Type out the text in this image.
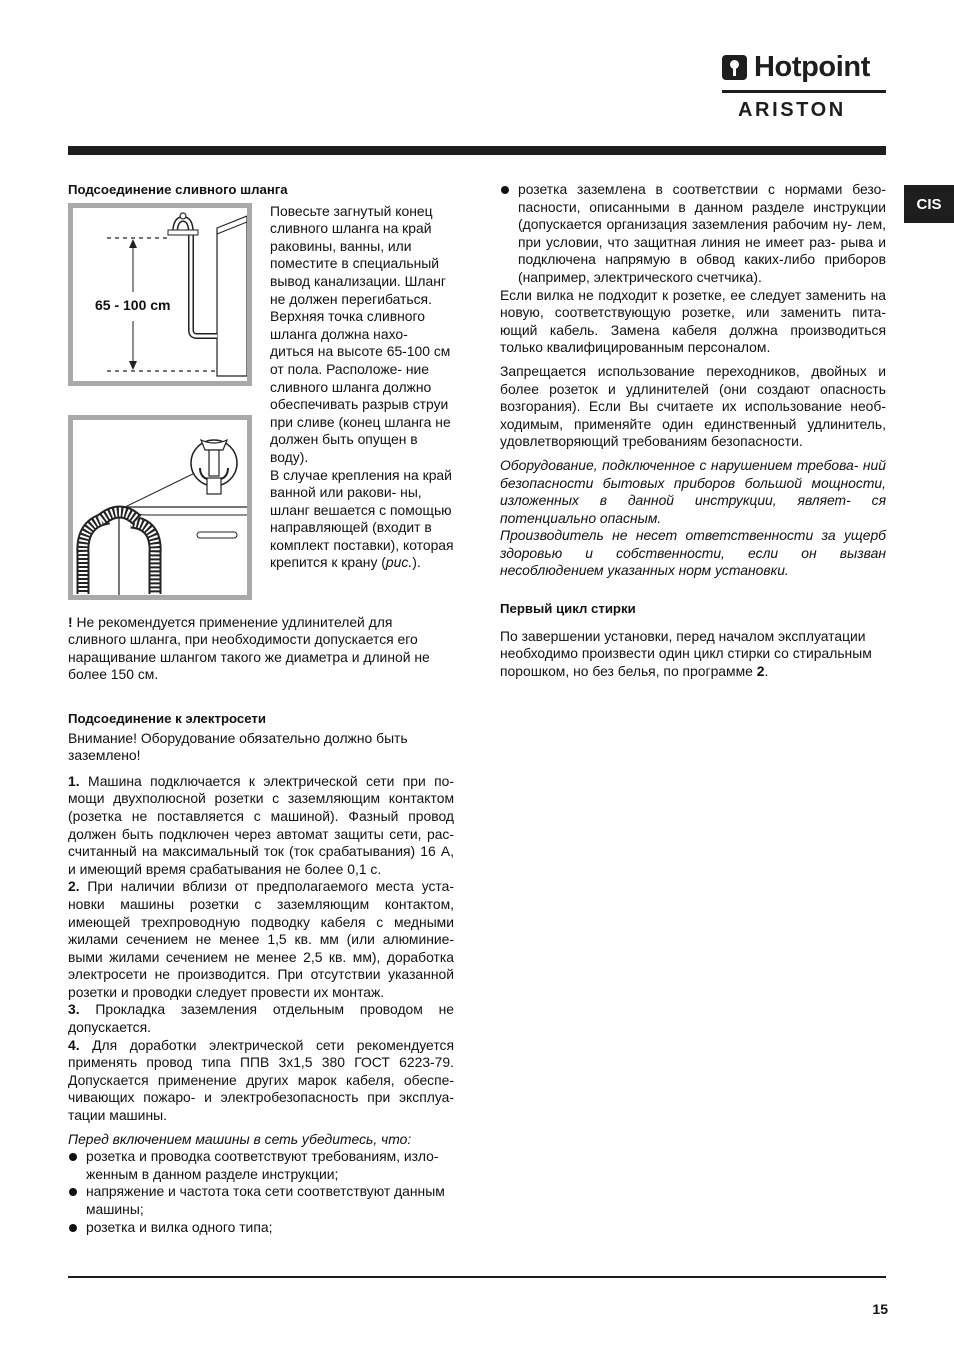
Hotpoint
ARISTON
CIS
Подсоединение сливного шланга
65 - 100 cm

Повесьте загнутый конец сливного шланга на край раковины, ванны, или поместите в специальный вывод канализации. Шланг не должен перегибаться. Верхняя точка сливного шланга должна нахо- диться на высоте 65-100 см от пола. Расположе- ние сливного шланга должно обеспечивать разрыв струи при сливе (конец шланга не должен быть опущен в воду).

В случае крепления на край ванной или ракови- ны, шланг вешается с помощью направляющей (входит в комплект поставки), которая крепится к крану (рис.).

! Не рекомендуется применение удлинителей для сливного шланга, при необходимости допускается его наращивание шлангом такого же диаметра и длиной не более 150 см.

Подсоединение к электросети

Внимание! Оборудование обязательно должно быть заземлено!

1. Машина подключается к электрической сети при по- мощи двухполюсной розетки с заземляющим контактом (розетка не поставляется с машиной). Фазный провод должен быть подключен через автомат защиты сети, рас- считанный на максимальный ток (ток срабатывания) 16 А, и имеющий время срабатывания не более 0,1 с.

2. При наличии вблизи от предполагаемого места уста- новки машины розетки с заземляющим контактом, имеющей трехпроводную подводку кабеля с медными жилами сечением не менее 1,5 кв. мм (или алюминие- выми жилами сечением не менее 2,5 кв. мм), доработка электросети не производится. При отсутствии указанной розетки и проводки следует провести их монтаж.

3. Прокладка заземления отдельным проводом не допускается.

4. Для доработки электрической сети рекомендуется применять провод типа ППВ 3х1,5 380 ГОСТ 6223-79. Допускается применение других марок кабеля, обеспе- чивающих пожаро- и электробезопасность при эксплуа- тации машины.

Перед включением машины в сеть убедитесь, что:

розетка и проводка соответствуют требованиям, изло- женным в данном разделе инструкции;
напряжение и частота тока сети соответствуют данным машины;
розетка и вилка одного типа;
розетка заземлена в соответствии с нормами безо- пасности, описанными в данном разделе инструкции (допускается организация заземления рабочим ну- лем, при условии, что защитная линия не имеет раз- рыва и подключена напрямую в обвод каких-либо приборов (например, электрического счетчика).

Если вилка не подходит к розетке, ее следует заменить на новую, соответствующую розетке, или заменить пита- ющий кабель. Замена кабеля должна производиться только квалифицированным персоналом.

Запрещается использование переходников, двойных и более розеток и удлинителей (они создают опасность возгорания). Если Вы считаете их использование необ- ходимым, применяйте один единственный удлинитель, удовлетворяющий требованиям безопасности.

Оборудование, подключенное с нарушением требова- ний безопасности бытовых приборов большой мощности, изложенных в данной инструкции, являет- ся потенциально опасным.

Производитель не несет ответственности за ущерб здоровью и собственности, если он вызван несоблюдением указанных норм установки.

Первый цикл стирки

По завершении установки, перед началом эксплуатации необходимо произвести один цикл стирки со стиральным порошком, но без белья, по программе 2.

15
